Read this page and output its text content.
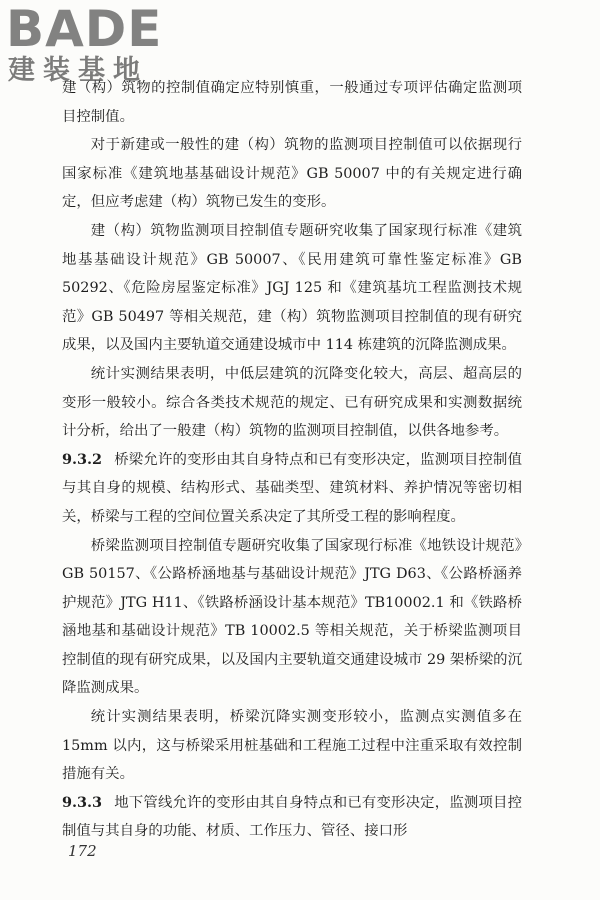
BADE
建装基地

建（构）筑物的控制值确定应特别慎重，一般通过专项评估确定监测项目控制值。

对于新建或一般性的建（构）筑物的监测项目控制值可以依据现行国家标准《建筑地基基础设计规范》GB 50007 中的有关规定进行确定，但应考虑建（构）筑物已发生的变形。

建（构）筑物监测项目控制值专题研究收集了国家现行标准《建筑地基基础设计规范》GB 50007、《民用建筑可靠性鉴定标准》GB 50292、《危险房屋鉴定标准》JGJ 125 和《建筑基坑工程监测技术规范》GB 50497 等相关规范，建（构）筑物监测项目控制值的现有研究成果，以及国内主要轨道交通建设城市中 114 栋建筑的沉降监测成果。

统计实测结果表明，中低层建筑的沉降变化较大，高层、超高层的变形一般较小。综合各类技术规范的规定、已有研究成果和实测数据统计分析，给出了一般建（构）筑物的监测项目控制值，以供各地参考。

9.3.2 桥梁允许的变形由其自身特点和已有变形决定，监测项目控制值与其自身的规模、结构形式、基础类型、建筑材料、养护情况等密切相关，桥梁与工程的空间位置关系决定了其所受工程的影响程度。

桥梁监测项目控制值专题研究收集了国家现行标准《地铁设计规范》GB 50157、《公路桥涵地基与基础设计规范》JTG D63、《公路桥涵养护规范》JTG H11、《铁路桥涵设计基本规范》TB10002.1 和《铁路桥涵地基和基础设计规范》TB 10002.5 等相关规范，关于桥梁监测项目控制值的现有研究成果，以及国内主要轨道交通建设城市 29 架桥梁的沉降监测成果。

统计实测结果表明，桥梁沉降实测变形较小，监测点实测值多在 15mm 以内，这与桥梁采用桩基础和工程施工过程中注重采取有效控制措施有关。

9.3.3 地下管线允许的变形由其自身特点和已有变形决定，监测项目控制值与其自身的功能、材质、工作压力、管径、接口形

172
